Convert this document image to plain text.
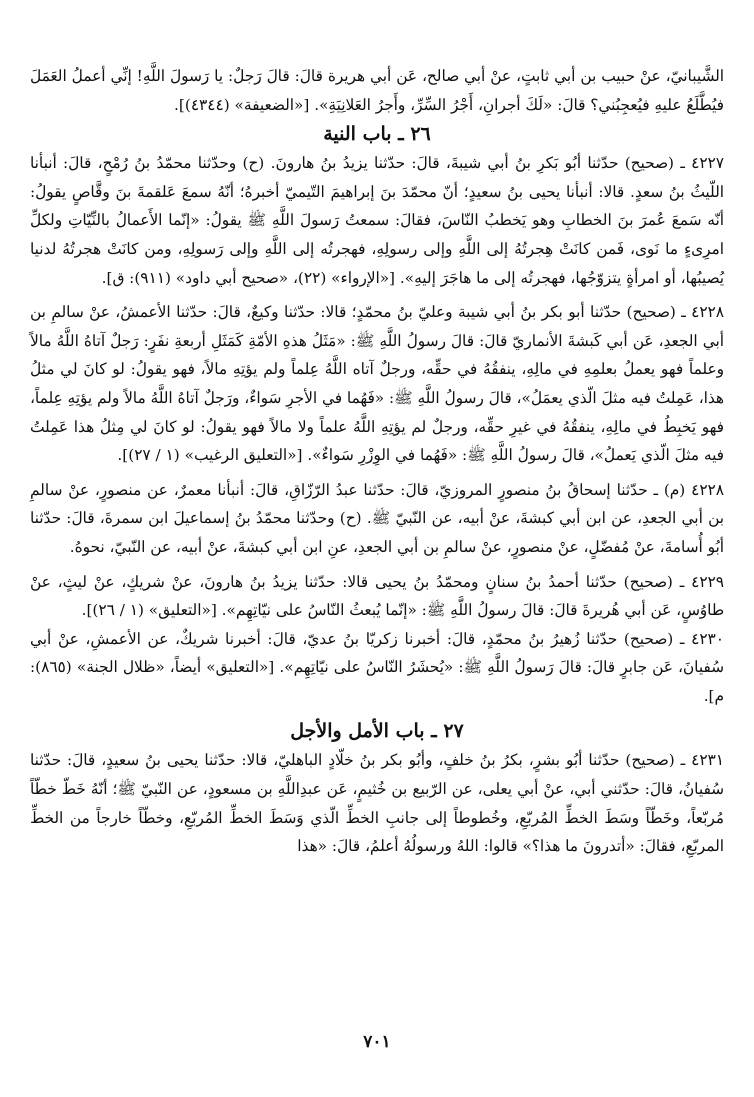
الشَّيبانيّ، عنْ حبيب بن أبي ثابتٍ، عنْ أبي صالح، عَن أبي هريرة قالَ: قالَ رَجلٌ: يا رَسولَ اللَّهِ! إنِّي أعملُ العَمَلَ فيُطَّلَعُ عليهِ فيُعجِبُني؟ قالَ: «لَكَ أجرانِ، أَجْرُ السِّرِّ، وأَجرُ العَلانِيَةِ». [«الضعيفة» (٤٣٤٤)].

٢٦ ـ باب النية

٤٢٢٧ ـ (صحيح) حدّثنا أبُو بَكرِ بنُ أبي شيبةَ، قالَ: حدّثنا يزيدُ بنُ هارونَ. (ح) وحدّثنا محمّدُ بنُ رُمْحٍ، قالَ: أنبأنا اللّيثُ بنُ سعدٍ. قالا: أنبأنا يحيى بنُ سعيدٍ؛ أنّ محمّدَ بنَ إبراهيمَ التّيميّ أخبرهُ؛ أنّهُ سمعَ عَلقمةَ بنَ وقَّاصٍ يقولُ: أنّه سَمعَ عُمرَ بنَ الخطابِ وهو يَخطبُ النّاسَ، فقالَ: سمعتُ رَسولَ اللَّهِ ﷺ يقولُ: «إنّما الأَعمالُ بالنِّيّاتِ ولكلِّ امرِىءٍ ما نَوى، فَمن كانَتْ هِجرتُهُ إلى اللَّهِ وإلى رسولِهِ، فهجرتُه إلى اللَّهِ وإلى رَسولِهِ، ومن كانَتْ هجرتُهُ لدنيا يُصيبُها، أو امرأةٍ يتزوّجُها، فهجرتُه إلى ما هاجَرَ إليهِ». [«الإرواء» (٢٢)، «صحيح أبي داود» (٩١١): ق].

٤٢٢٨ ـ (صحيح) حدّثنا أبو بكر بنُ أبي شيبة وعليّ بنُ محمّدٍ؛ قالا: حدّثنا وكيعٌ، قالَ: حدّثنا الأعمشُ، عنْ سالمِ بن أبي الجعدِ، عَن أبي كَبشةَ الأنماريّ قالَ: قالَ رسولُ اللَّهِ ﷺ: «مَثَلُ هذهِ الأمّةِ كَمَثَلِ أربعةِ نفَرٍ: رَجلٌ آتاهُ اللَّهُ مالاً وعلماً فهو يعملُ بعلمِهِ في مالِهِ، ينفقُهُ في حقِّه، ورجلٌ آتاه اللَّهُ عِلماً ولم يؤتِهِ مالاً، فهو يقولُ: لو كانَ لي مثلُ هذا، عَمِلتُ فيه مثلَ الّذي يعمَلُ»، قالَ رسولُ اللَّهِ ﷺ: «فَهُما في الأجرِ سَواءٌ، ورَجلٌ آتاهُ اللَّهُ مالاً ولم يؤتِهِ عِلماً، فهو يَخبِطُ في مالِهِ، ينفقُهُ في غيرِ حقِّه، ورجلٌ لم يؤتِهِ اللَّهُ علماً ولا مالاً فهو يقولُ: لو كانَ لي مِثلُ هذا عَمِلتُ فيه مثلَ الّذي يَعملُ»، قالَ رسولُ اللَّهِ ﷺ: «فَهُما في الوِزْرِ سَواءٌ». [«التعليق الرغيب» (١ / ٢٧)].

٤٢٢٨ (م) ـ حدّثنا إسحاقُ بنُ منصورٍ المروزيّ، قالَ: حدّثنا عبدُ الرّزّاقِ، قالَ: أنبأنا معمرٌ، عن منصورٍ، عنْ سالمِ بن أبي الجعدِ، عن ابن أبي كبشةَ، عنْ أبيه، عن النّبيّ ﷺ. (ح) وحدّثنا محمّدُ بنُ إسماعيلَ ابن سمرةَ، قالَ: حدّثنا أبُو أُسامةَ، عنْ مُفضّلٍ، عنْ منصورٍ، عنْ سالمِ بن أبي الجعدِ، عنِ ابن أبي كبشةَ، عنْ أبيه، عن النّبيّ، نحوهُ.

٤٢٢٩ ـ (صحيح) حدّثنا أحمدُ بنُ سنانٍ ومحمّدُ بنُ يحيى قالا: حدّثنا يزيدُ بنُ هارونَ، عنْ شريكٍ، عنْ ليثٍ، عنْ طاوُسٍ، عَن أبي هُريرةَ قالَ: قالَ رسولُ اللَّهِ ﷺ: «إنّما يُبعثُ النّاسُ على نيّاتِهِم». [«التعليق» (١ / ٢٦)].

٤٢٣٠ ـ (صحيح) حدّثنا زُهيرُ بنُ محمّدٍ، قالَ: أخبرنا زكريّا بنُ عديّ، قالَ: أخبرنا شريكٌ، عن الأعمشِ، عنْ أبي سُفيانَ، عَن جابرٍ قالَ: قالَ رَسولُ اللَّهِ ﷺ: «يُحشَرُ النّاسُ على نيّاتِهِم». [«التعليق» أيضاً، «ظلال الجنة» (٨٦٥): م].

٢٧ ـ باب الأمل والأجل

٤٢٣١ ـ (صحيح) حدّثنا أبُو بشرٍ، بكرُ بنُ خلفٍ، وأبُو بكر بنُ خلّادٍ الباهليّ، قالا: حدّثنا يحيى بنُ سعيدٍ، قالَ: حدّثنا سُفيانُ، قالَ: حدّثني أبي، عنْ أبي يعلى، عن الرّبيع بن خُثيمٍ، عَن عبدِاللَّهِ بن مسعودٍ، عن النّبيّ ﷺ؛ أنّهُ خَطّ خطّاً مُربّعاً، وخَطّاً وسَطَ الخطِّ المُربّعِ، وخُطوطاً إلى جانبِ الخطِّ الّذي وَسَطَ الخطِّ المُربّعِ، وخطّاً خارجاً من الخطِّ المربّعِ، فقالَ: «أتدرونَ ما هذا؟» قالوا: اللهُ ورسولُهُ أعلمُ، قالَ: «هذا

٧٠١
